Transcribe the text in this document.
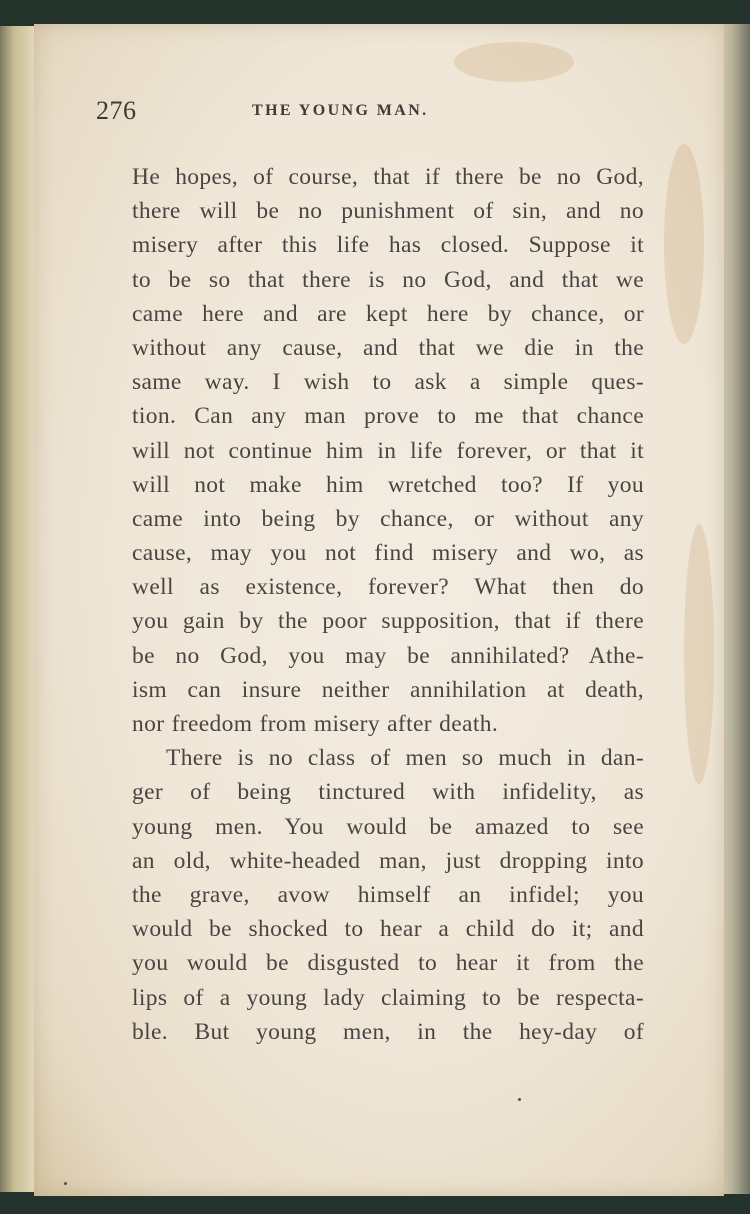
276	THE YOUNG MAN.
He hopes, of course, that if there be no God,
there will be no punishment of sin, and no
misery after this life has closed. Suppose it
to be so that there is no God, and that we
came here and are kept here by chance, or
without any cause, and that we die in the
same way. I wish to ask a simple ques-
tion. Can any man prove to me that chance
will not continue him in life forever, or that it
will not make him wretched too? If you
came into being by chance, or without any
cause, may you not find misery and wo, as
well as existence, forever? What then do
you gain by the poor supposition, that if there
be no God, you may be annihilated? Athe-
ism can insure neither annihilation at death,
nor freedom from misery after death.
There is no class of men so much in dan-
ger of being tinctured with infidelity, as
young men. You would be amazed to see
an old, white-headed man, just dropping into
the grave, avow himself an infidel; you
would be shocked to hear a child do it; and
you would be disgusted to hear it from the
lips of a young lady claiming to be respecta-
ble. But young men, in the hey-day of
